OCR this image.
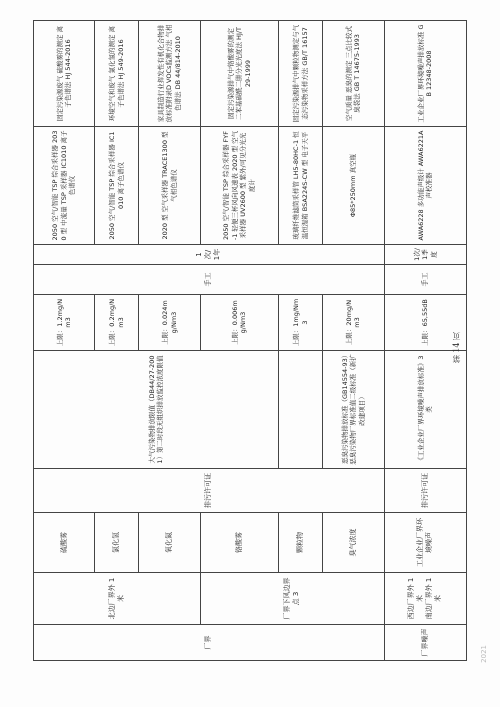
厂界	北边厂界外 1 米	硫酸雾	排污许可证	大气污染物排放限值（DB44/27-2001）第二时段无组织排放监控浓度限值	上限：1.2mg/Nm3	手工	1次/1年	2050 空气/智能 TSP 综合采样器 2030 型 中流量 TSP 采样器 IC1010 离子色谱仪	固定污染源废气 硫酸雾的测定 离子色谱法 HJ 544-2016
		氯化氢			上限：0.2mg/Nm3			2050 空气/智能 TSP 综合采样器 IC1010 离子色谱仪	环境空气和废气 氯化氢的测定 离子色谱法 HJ 549-2016
		氧化氮			上限：0.024mg/Nm3			2020 型 空气采样器 TRACE1300 型 气相色谱仪	家具制造行业挥发性有机化合物排放标准附录D VOCs监测方法 气相色谱法 DB 44/814-2010

	厂界下风边界点 3	铬酸雾			上限：0.006mg/Nm3			2050 空气/智能 TSP 综合采样器 FYF-1 轻便三杯风向风速表 2020 型 空气采样器 UV2600 型 紫外/可见分光光度计	固定污染源排气中铬酸雾的测定 二苯基碳酰二肼分光光度法 HJ/T 29-1999
		颗粒物			上限：1mg/Nm3			玻璃纤维滤筒采样管 LH5-80HC-1 恒温恒湿箱 BSA224S-CW 型 电子天平	固定污染源排气中颗粒物测定与气态污染物采样方法 GB/T 16157
		臭气浓度		恶臭污染物排放标准（GB14554-93）恶臭污染物厂界标准值二级标准（新扩改建项目）	上限：20mg/Nm3			Φ85*250mm 真空瓶	空气质量 恶臭的测定 三点比较式臭袋法 GB T 14675-1993
厂界噪声	西边厂界外 1 米 南边厂界外 1 米	工业企业厂界环境噪声	排污许可证	《工业企业厂界环境噪声排放标准》3 类	上限：65,55dB	手工	1次/1季度	AWA6228 多功能声级计 AWA6221A 声校准器	工业企业厂界环境噪声排放标准 GB 12348-2008
第 14 页
2021
